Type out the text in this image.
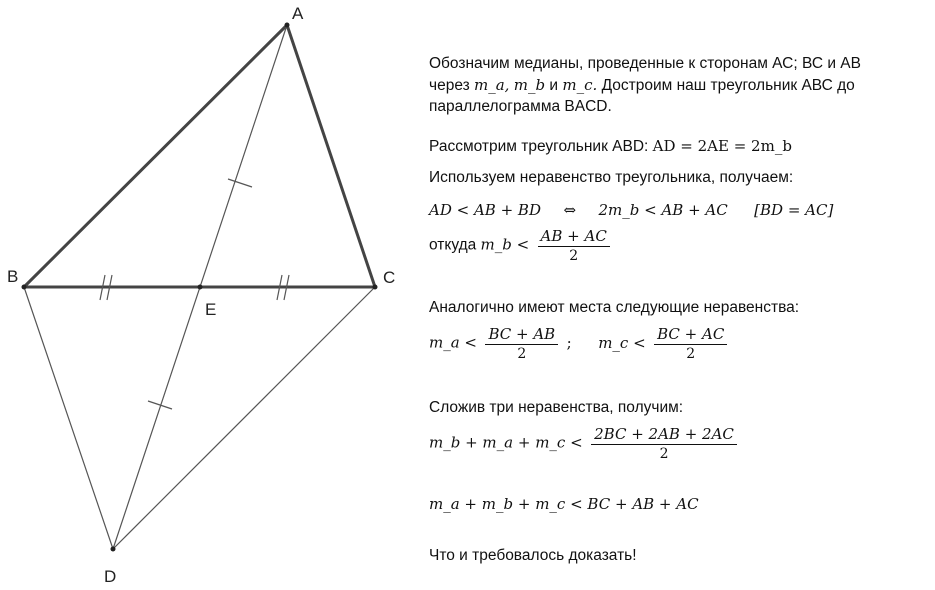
A
B	C
D
E
Обозначим медианы, проведенные к сторонам АС; ВС и АВ
через m_a, m_b и m_c. Достроим наш треугольник АВС до
параллелограмма BACD.
Рассмотрим треугольник ABD: AD = 2AE = 2m_b
Используем неравенство треугольника, получаем:
AD < AB + BD ⇔ 2m_b < AB + AC [BD = AC]
откуда m_b < $\frac{AB + AC}{2}$
Аналогично имеют места следующие неравенства:
m_a < $\frac{BC + AB}{2}$ ; m_c < $\frac{BC + AC}{2}$
Сложив три неравенства, получим:
m_b + m_a + m_c < $\frac{2BC + 2AB + 2AC}{2}$
m_a + m_b + m_c < BC + AB + AC
Что и требовалось доказать!
